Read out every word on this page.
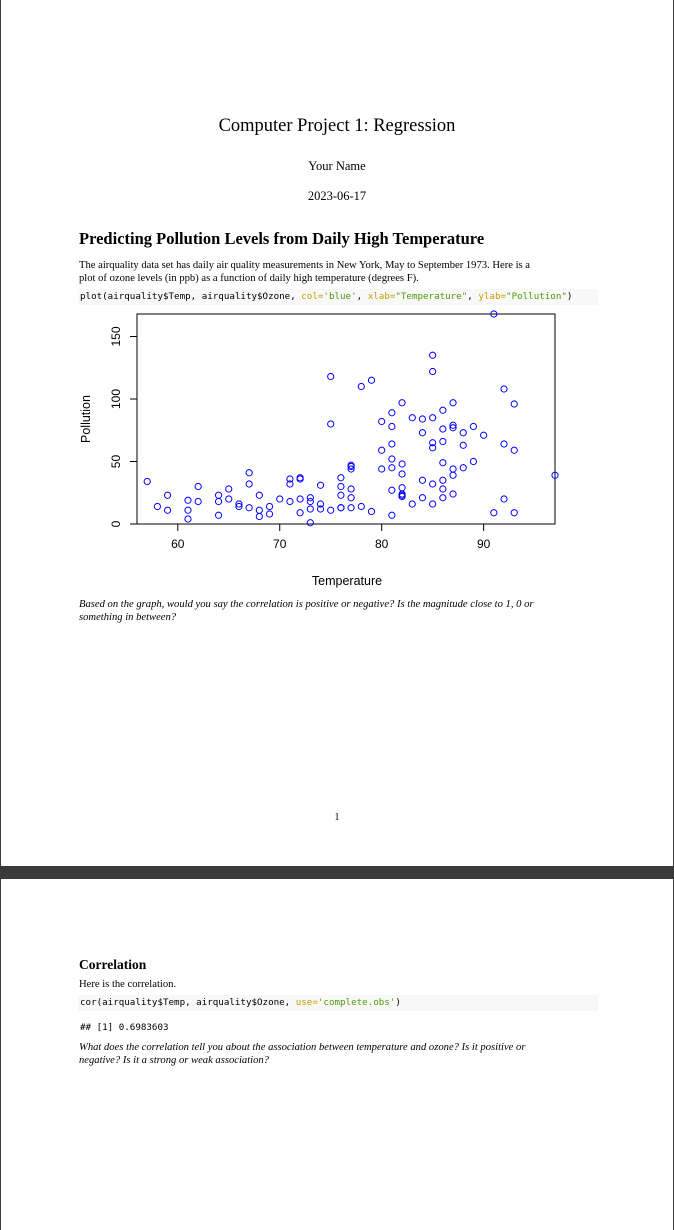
Computer Project 1: Regression
Your Name
2023-06-17
Predicting Pollution Levels from Daily High Temperature
The airquality data set has daily air quality measurements in New York, May to September 1973. Here is a
plot of ozone levels (in ppb) as a function of daily high temperature (degrees F).
plot(airquality$Temp, airquality$Ozone, col='blue', xlab="Temperature", ylab="Pollution")
60	70	80	90
0
50
100
150
Temperature
Pollution
Based on the graph, would you say the correlation is positive or negative? Is the magnitude close to 1, 0 or
something in between?
1
Correlation
Here is the correlation.
cor(airquality$Temp, airquality$Ozone, use='complete.obs')
## [1] 0.6983603
What does the correlation tell you about the association between temperature and ozone? Is it positive or
negative? Is it a strong or weak association?
